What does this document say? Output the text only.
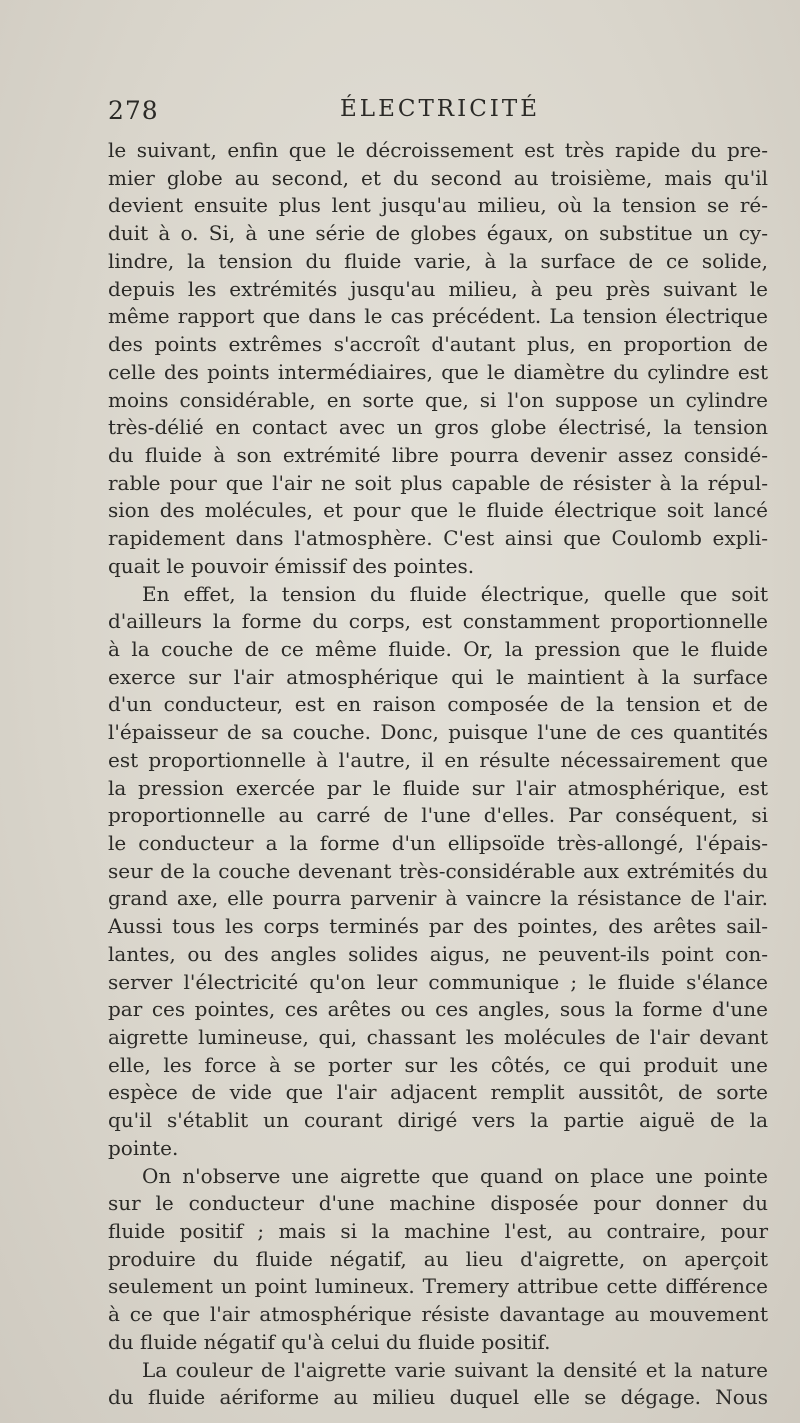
278	ÉLECTRICITÉ
le suivant, enfin que le décroissement est très rapide du pre-
mier globe au second, et du second au troisième, mais qu'il
devient ensuite plus lent jusqu'au milieu, où la tension se ré-
duit à o. Si, à une série de globes égaux, on substitue un cy-
lindre, la tension du fluide varie, à la surface de ce solide,
depuis les extrémités jusqu'au milieu, à peu près suivant le
même rapport que dans le cas précédent. La tension électrique
des points extrêmes s'accroît d'autant plus, en proportion de
celle des points intermédiaires, que le diamètre du cylindre est
moins considérable, en sorte que, si l'on suppose un cylindre
très-délié en contact avec un gros globe électrisé, la tension
du fluide à son extrémité libre pourra devenir assez considé-
rable pour que l'air ne soit plus capable de résister à la répul-
sion des molécules, et pour que le fluide électrique soit lancé
rapidement dans l'atmosphère. C'est ainsi que Coulomb expli-
quait le pouvoir émissif des pointes.
En effet, la tension du fluide électrique, quelle que soit
d'ailleurs la forme du corps, est constamment proportionnelle
à la couche de ce même fluide. Or, la pression que le fluide
exerce sur l'air atmosphérique qui le maintient à la surface
d'un conducteur, est en raison composée de la tension et de
l'épaisseur de sa couche. Donc, puisque l'une de ces quantités
est proportionnelle à l'autre, il en résulte nécessairement que
la pression exercée par le fluide sur l'air atmosphérique, est
proportionnelle au carré de l'une d'elles. Par conséquent, si
le conducteur a la forme d'un ellipsoïde très-allongé, l'épais-
seur de la couche devenant très-considérable aux extrémités du
grand axe, elle pourra parvenir à vaincre la résistance de l'air.
Aussi tous les corps terminés par des pointes, des arêtes sail-
lantes, ou des angles solides aigus, ne peuvent-ils point con-
server l'électricité qu'on leur communique ; le fluide s'élance
par ces pointes, ces arêtes ou ces angles, sous la forme d'une
aigrette lumineuse, qui, chassant les molécules de l'air devant
elle, les force à se porter sur les côtés, ce qui produit une
espèce de vide que l'air adjacent remplit aussitôt, de sorte
qu'il s'établit un courant dirigé vers la partie aiguë de la
pointe.
On n'observe une aigrette que quand on place une pointe
sur le conducteur d'une machine disposée pour donner du
fluide positif ; mais si la machine l'est, au contraire, pour
produire du fluide négatif, au lieu d'aigrette, on aperçoit
seulement un point lumineux. Tremery attribue cette différence
à ce que l'air atmosphérique résiste davantage au mouvement
du fluide négatif qu'à celui du fluide positif.
La couleur de l'aigrette varie suivant la densité et la nature
du fluide aériforme au milieu duquel elle se dégage. Nous
